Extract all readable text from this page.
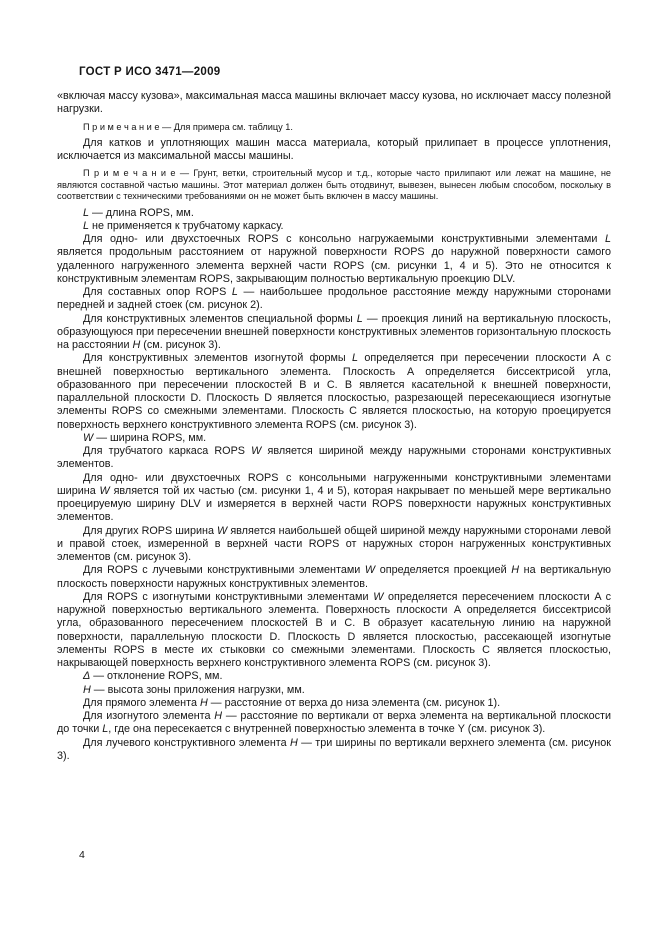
ГОСТ Р ИСО 3471—2009

«включая массу кузова», максимальная масса машины включает массу кузова, но исключает массу полезной нагрузки.

П р и м е ч а н и е — Для примера см. таблицу 1.

Для катков и уплотняющих машин масса материала, который прилипает в процессе уплотнения, исключается из максимальной массы машины.

П р и м е ч а н и е — Грунт, ветки, строительный мусор и т.д., которые часто прилипают или лежат на машине, не являются составной частью машины. Этот материал должен быть отодвинут, вывезен, вынесен любым способом, поскольку в соответствии с техническими требованиями он не может быть включен в массу машины.

L — длина ROPS, мм.

L не применяется к трубчатому каркасу.

Для одно- или двухстоечных ROPS с консольно нагружаемыми конструктивными элементами L является продольным расстоянием от наружной поверхности ROPS до наружной поверхности самого удаленного нагруженного элемента верхней части ROPS (см. рисунки 1, 4 и 5). Это не относится к конструктивным элементам ROPS, закрывающим полностью вертикальную проекцию DLV.

Для составных опор ROPS L — наибольшее продольное расстояние между наружными сторонами передней и задней стоек (см. рисунок 2).

Для конструктивных элементов специальной формы L — проекция линий на вертикальную плоскость, образующуюся при пересечении внешней поверхности конструктивных элементов горизонтальную плоскость на расстоянии H (см. рисунок 3).

Для конструктивных элементов изогнутой формы L определяется при пересечении плоскости A с внешней поверхностью вертикального элемента. Плоскость A определяется биссектрисой угла, образованного при пересечении плоскостей B и C. B является касательной к внешней поверхности, параллельной плоскости D. Плоскость D является плоскостью, разрезающей пересекающиеся изогнутые элементы ROPS со смежными элементами. Плоскость C является плоскостью, на которую проецируется поверхность верхнего конструктивного элемента ROPS (см. рисунок 3).

W — ширина ROPS, мм.

Для трубчатого каркаса ROPS W является шириной между наружными сторонами конструктивных элементов.

Для одно- или двухстоечных ROPS с консольными нагруженными конструктивными элементами ширина W является той их частью (см. рисунки 1, 4 и 5), которая накрывает по меньшей мере вертикально проецируемую ширину DLV и измеряется в верхней части ROPS поверхности наружных конструктивных элементов.

Для других ROPS ширина W является наибольшей общей шириной между наружными сторонами левой и правой стоек, измеренной в верхней части ROPS от наружных сторон нагруженных конструктивных элементов (см. рисунок 3).

Для ROPS с лучевыми конструктивными элементами W определяется проекцией H на вертикальную плоскость поверхности наружных конструктивных элементов.

Для ROPS с изогнутыми конструктивными элементами W определяется пересечением плоскости A с наружной поверхностью вертикального элемента. Поверхность плоскости A определяется биссектрисой угла, образованного пересечением плоскостей B и C. B образует касательную линию на наружной поверхности, параллельную плоскости D. Плоскость D является плоскостью, рассекающей изогнутые элементы ROPS в месте их стыковки со смежными элементами. Плоскость C является плоскостью, накрывающей поверхность верхнего конструктивного элемента ROPS (см. рисунок 3).

Δ — отклонение ROPS, мм.

H — высота зоны приложения нагрузки, мм.

Для прямого элемента H — расстояние от верха до низа элемента (см. рисунок 1).

Для изогнутого элемента H — расстояние по вертикали от верха элемента на вертикальной плоскости до точки L, где она пересекается с внутренней поверхностью элемента в точке Y (см. рисунок 3).

Для лучевого конструктивного элемента H — три ширины по вертикали верхнего элемента (см. рисунок 3).

4
